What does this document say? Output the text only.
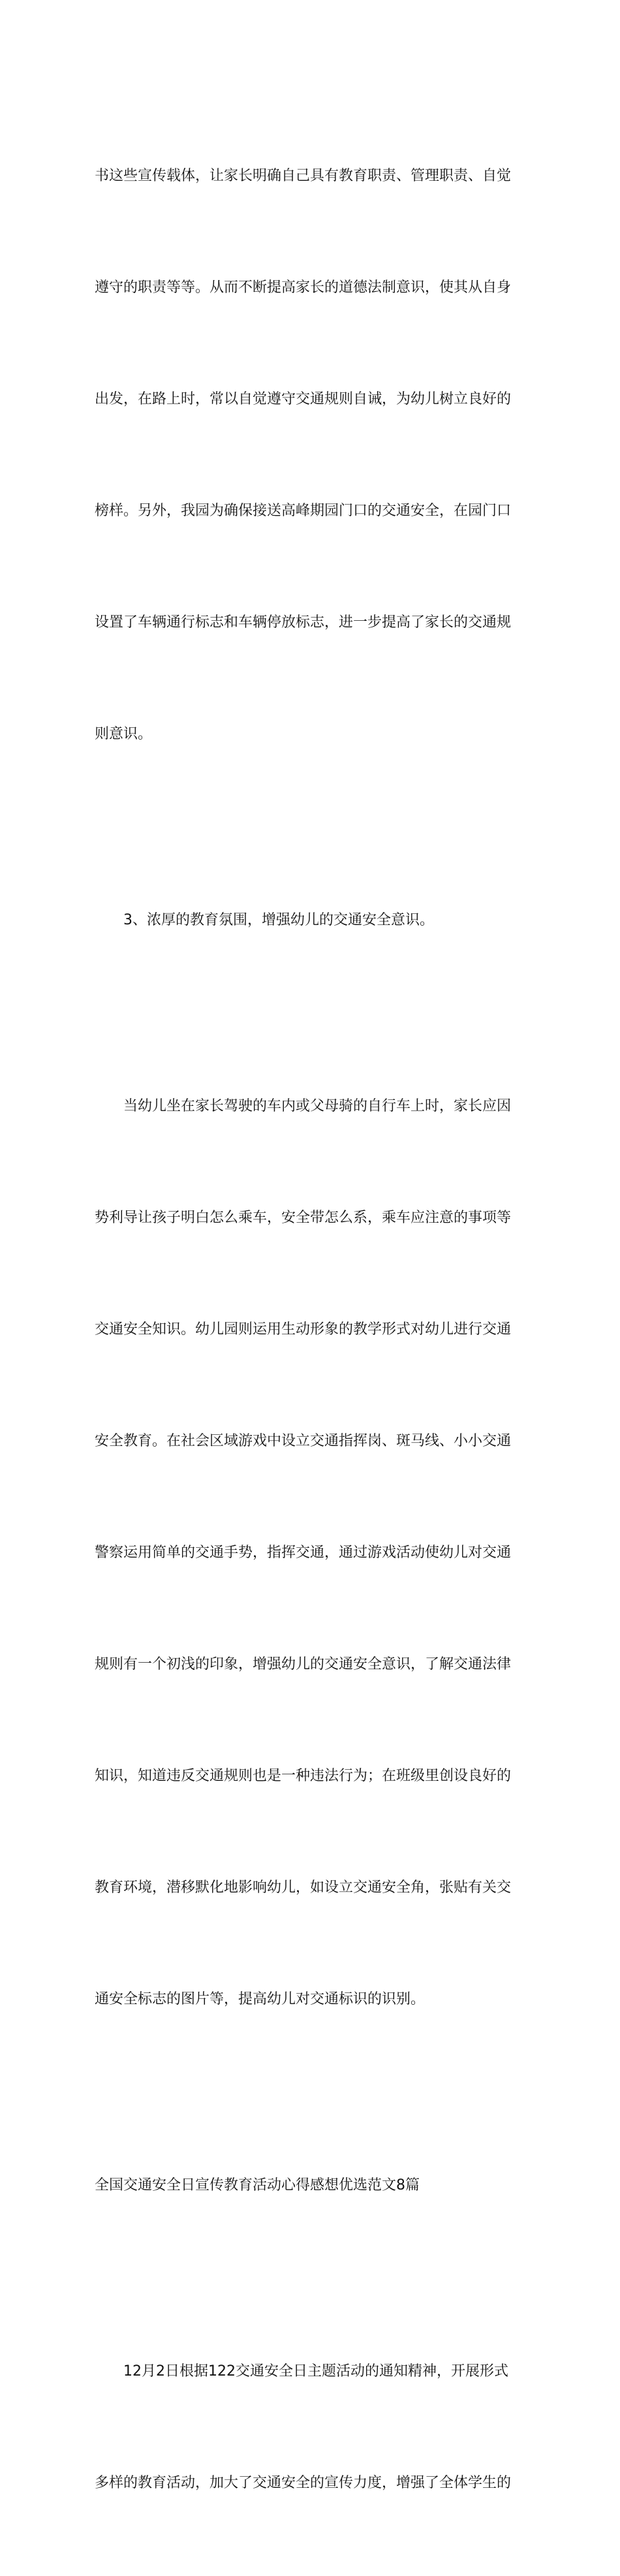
书这些宣传载体，让家长明确自己具有教育职责、管理职责、自觉

遵守的职责等等。从而不断提高家长的道德法制意识，使其从自身

出发，在路上时，常以自觉遵守交通规则自诫，为幼儿树立良好的

榜样。另外，我园为确保接送高峰期园门口的交通安全，在园门口

设置了车辆通行标志和车辆停放标志，进一步提高了家长的交通规

则意识。

3、浓厚的教育氛围，增强幼儿的交通安全意识。

当幼儿坐在家长驾驶的车内或父母骑的自行车上时，家长应因

势利导让孩子明白怎么乘车，安全带怎么系，乘车应注意的事项等

交通安全知识。幼儿园则运用生动形象的教学形式对幼儿进行交通

安全教育。在社会区域游戏中设立交通指挥岗、斑马线、小小交通

警察运用简单的交通手势，指挥交通，通过游戏活动使幼儿对交通

规则有一个初浅的印象，增强幼儿的交通安全意识，了解交通法律

知识，知道违反交通规则也是一种违法行为；在班级里创设良好的

教育环境，潜移默化地影响幼儿，如设立交通安全角，张贴有关交

通安全标志的图片等，提高幼儿对交通标识的识别。

全国交通安全日宣传教育活动心得感想优选范文8篇

12月2日根据122交通安全日主题活动的通知精神，开展形式

多样的教育活动，加大了交通安全的宣传力度，增强了全体学生的
